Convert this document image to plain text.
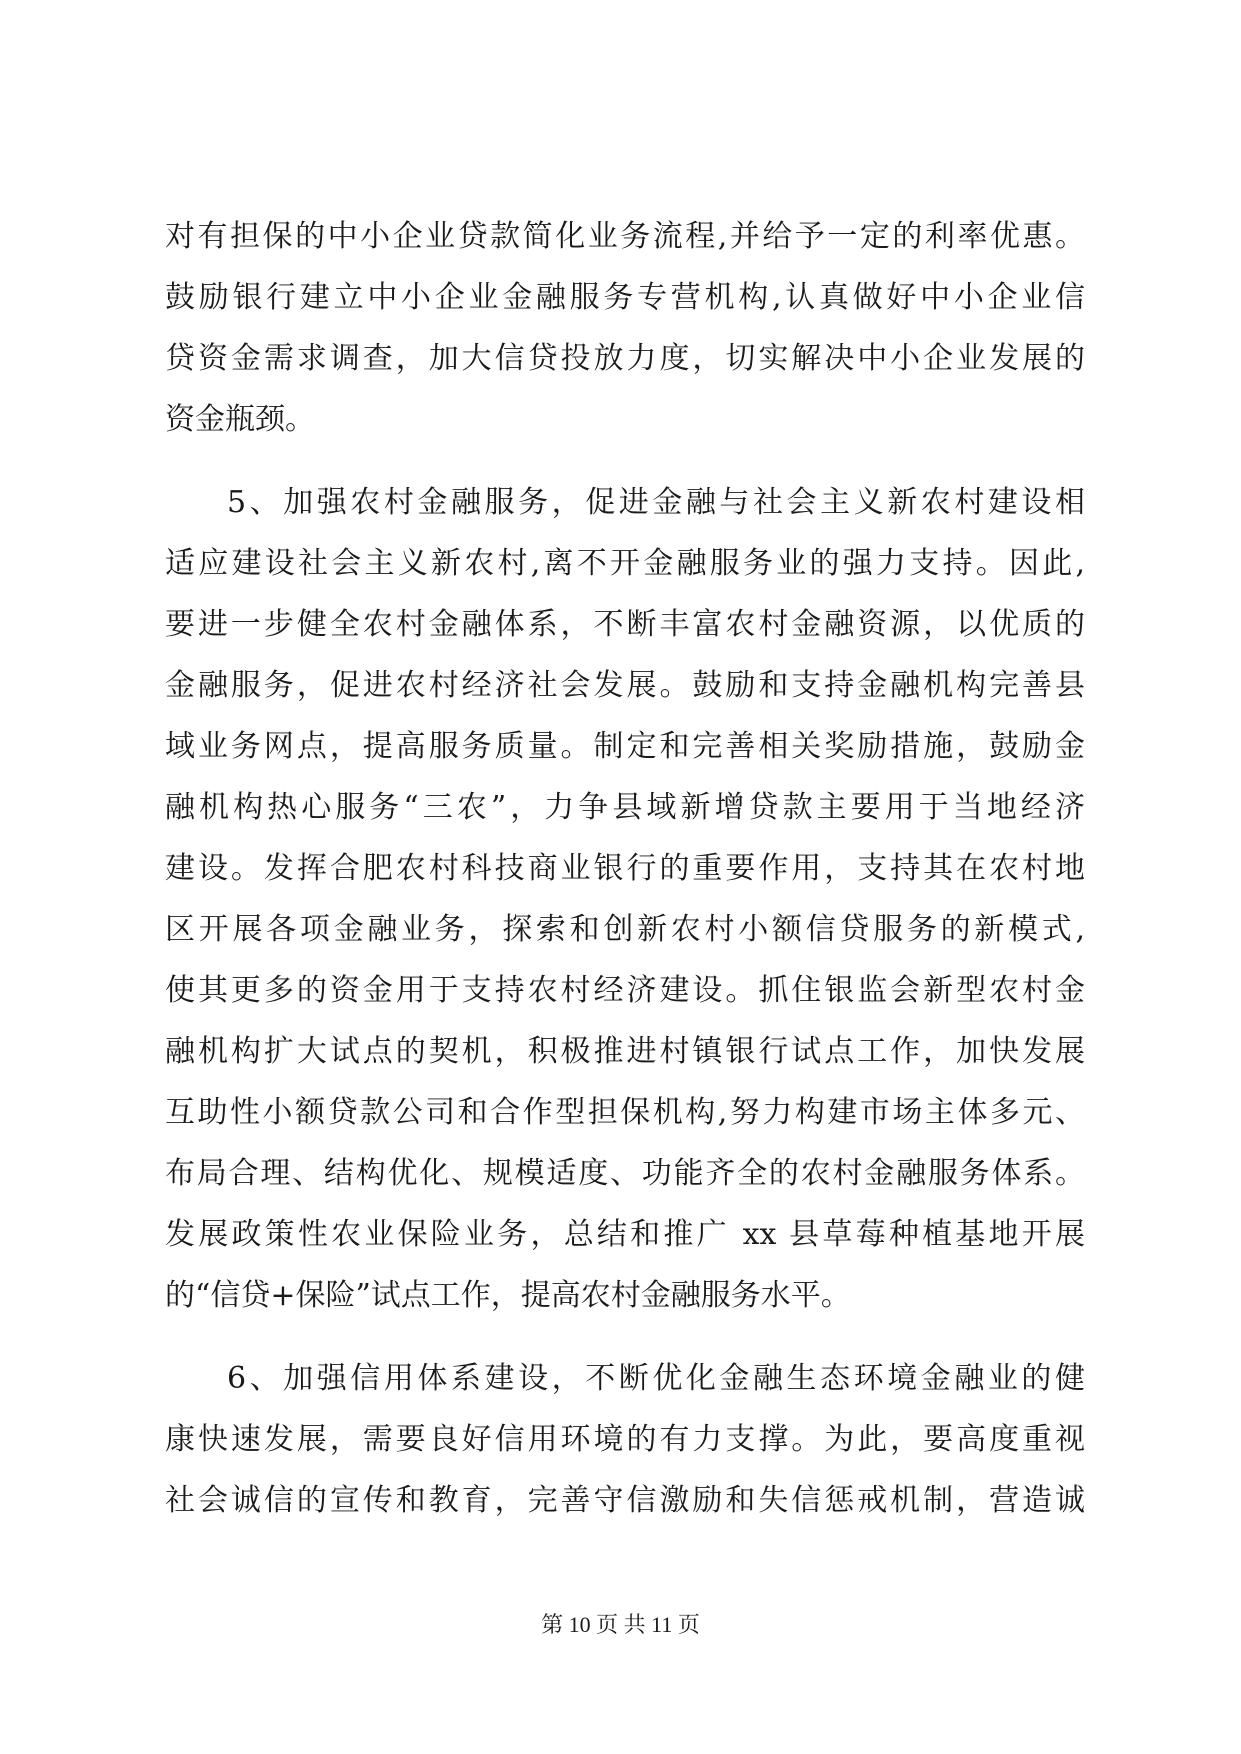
对有担保的中小企业贷款简化业务流程,并给予一定的利率优惠。
鼓励银行建立中小企业金融服务专营机构,认真做好中小企业信
贷资金需求调查，加大信贷投放力度，切实解决中小企业发展的
资金瓶颈。
5、加强农村金融服务，促进金融与社会主义新农村建设相
适应建设社会主义新农村,离不开金融服务业的强力支持。因此,
要进一步健全农村金融体系，不断丰富农村金融资源，以优质的
金融服务，促进农村经济社会发展。鼓励和支持金融机构完善县
域业务网点，提高服务质量。制定和完善相关奖励措施，鼓励金
融机构热心服务“三农”，力争县域新增贷款主要用于当地经济
建设。发挥合肥农村科技商业银行的重要作用，支持其在农村地
区开展各项金融业务，探索和创新农村小额信贷服务的新模式,
使其更多的资金用于支持农村经济建设。抓住银监会新型农村金
融机构扩大试点的契机，积极推进村镇银行试点工作，加快发展
互助性小额贷款公司和合作型担保机构,努力构建市场主体多元、
布局合理、结构优化、规模适度、功能齐全的农村金融服务体系。
发展政策性农业保险业务，总结和推广 xx 县草莓种植基地开展
的“信贷+保险”试点工作，提高农村金融服务水平。
6、加强信用体系建设，不断优化金融生态环境金融业的健
康快速发展，需要良好信用环境的有力支撑。为此，要高度重视
社会诚信的宣传和教育，完善守信激励和失信惩戒机制，营造诚
第 10 页 共 11 页
